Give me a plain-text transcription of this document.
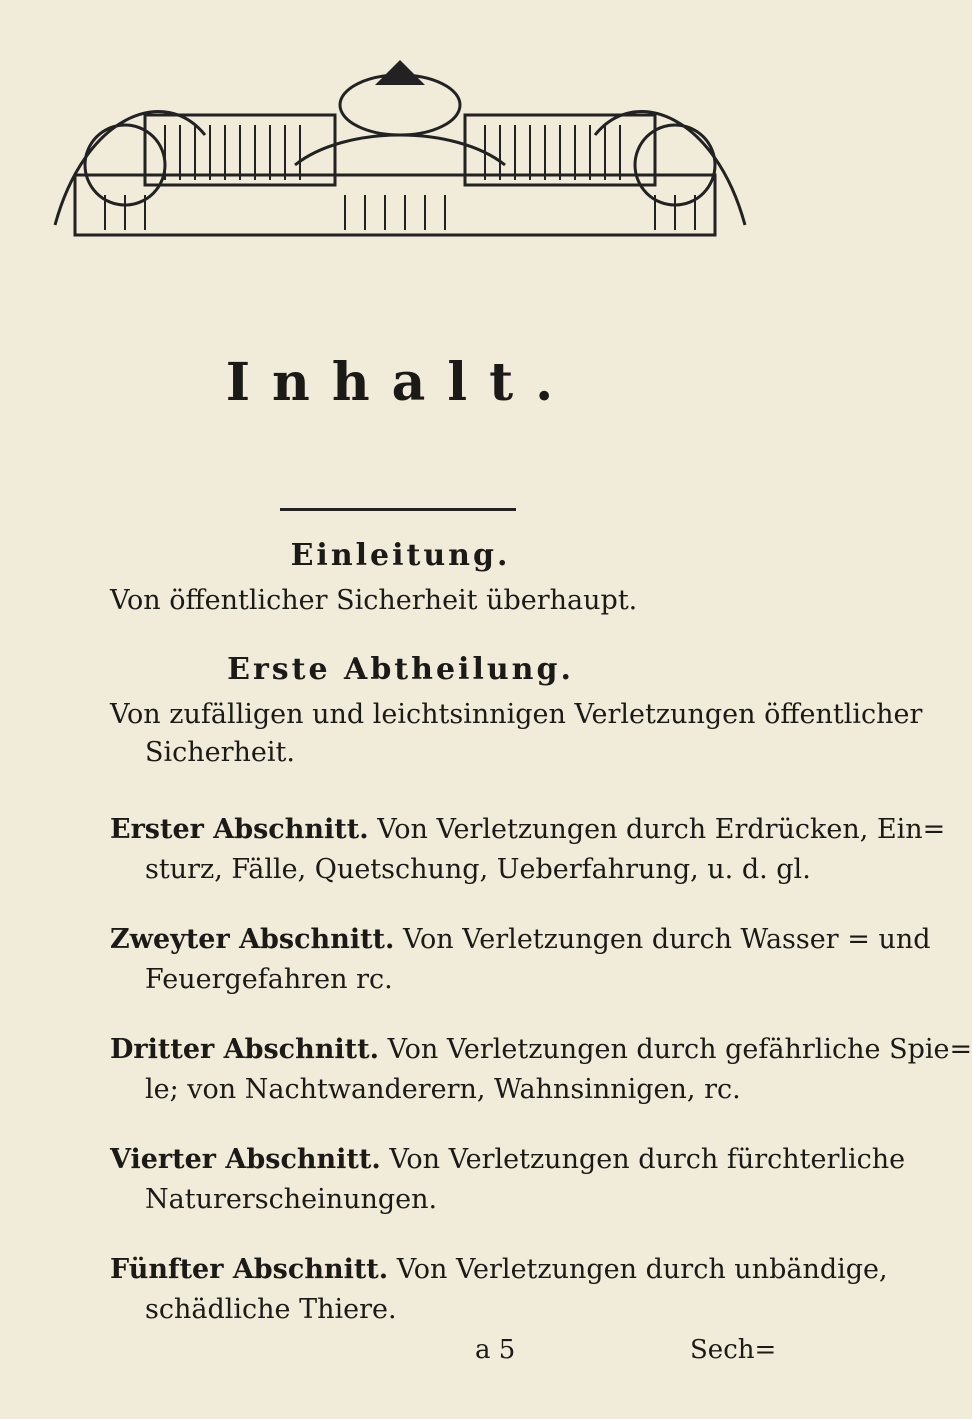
Inhalt.
Einleitung.
Von öffentlicher Sicherheit überhaupt.
Erste Abtheilung.
Von zufälligen und leichtsinnigen Verletzungen öffentlicher
Sicherheit.
Erster Abschnitt. Von Verletzungen durch Erdrücken, Ein=
sturz, Fälle, Quetschung, Ueberfahrung, u. d. gl.
Zweyter Abschnitt. Von Verletzungen durch Wasser = und
Feuergefahren rc.
Dritter Abschnitt. Von Verletzungen durch gefährliche Spie=
le; von Nachtwanderern, Wahnsinnigen, rc.
Vierter Abschnitt. Von Verletzungen durch fürchterliche
Naturerscheinungen.
Fünfter Abschnitt. Von Verletzungen durch unbändige,
schädliche Thiere.
a 5	Sech=
